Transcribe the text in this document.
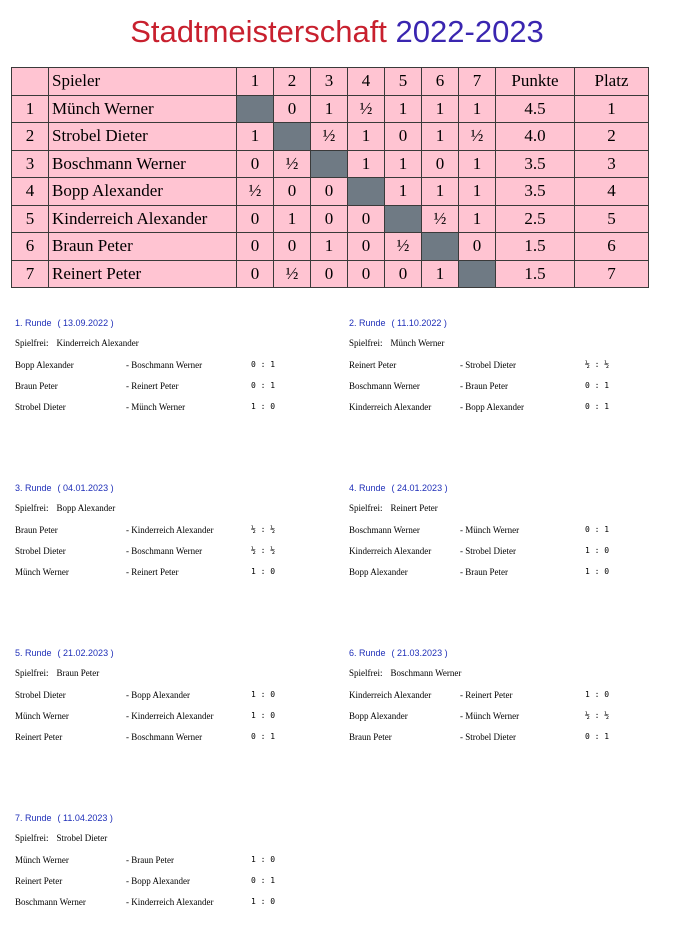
Stadtmeisterschaft 2022-2023
	Spieler	1	2	3	4	5	6	7	Punkte	Platz
1	Münch Werner		0	1	½	1	1	1	4.5	1
2	Strobel Dieter	1		½	1	0	1	½	4.0	2
3	Boschmann Werner	0	½		1	1	0	1	3.5	3
4	Bopp Alexander	½	0	0		1	1	1	3.5	4
5	Kinderreich Alexander	0	1	0	0		½	1	2.5	5
6	Braun Peter	0	0	1	0	½		0	1.5	6
7	Reinert Peter	0	½	0	0	0	1		1.5	7
1. Runde ( 13.09.2022 )
Spielfrei: Kinderreich Alexander
Bopp Alexander	- Boschmann Werner	0 : 1
Braun Peter	- Reinert Peter	0 : 1
Strobel Dieter	- Münch Werner	1 : 0
2. Runde ( 11.10.2022 )
Spielfrei: Münch Werner
Reinert Peter	- Strobel Dieter	½ : ½
Boschmann Werner	- Braun Peter	0 : 1
Kinderreich Alexander	- Bopp Alexander	0 : 1
3. Runde ( 04.01.2023 )
Spielfrei: Bopp Alexander
Braun Peter	- Kinderreich Alexander	½ : ½
Strobel Dieter	- Boschmann Werner	½ : ½
Münch Werner	- Reinert Peter	1 : 0
4. Runde ( 24.01.2023 )
Spielfrei: Reinert Peter
Boschmann Werner	- Münch Werner	0 : 1
Kinderreich Alexander	- Strobel Dieter	1 : 0
Bopp Alexander	- Braun Peter	1 : 0
5. Runde ( 21.02.2023 )
Spielfrei: Braun Peter
Strobel Dieter	- Bopp Alexander	1 : 0
Münch Werner	- Kinderreich Alexander	1 : 0
Reinert Peter	- Boschmann Werner	0 : 1
6. Runde ( 21.03.2023 )
Spielfrei: Boschmann Werner
Kinderreich Alexander	- Reinert Peter	1 : 0
Bopp Alexander	- Münch Werner	½ : ½
Braun Peter	- Strobel Dieter	0 : 1
7. Runde ( 11.04.2023 )
Spielfrei: Strobel Dieter
Münch Werner	- Braun Peter	1 : 0
Reinert Peter	- Bopp Alexander	0 : 1
Boschmann Werner	- Kinderreich Alexander	1 : 0
